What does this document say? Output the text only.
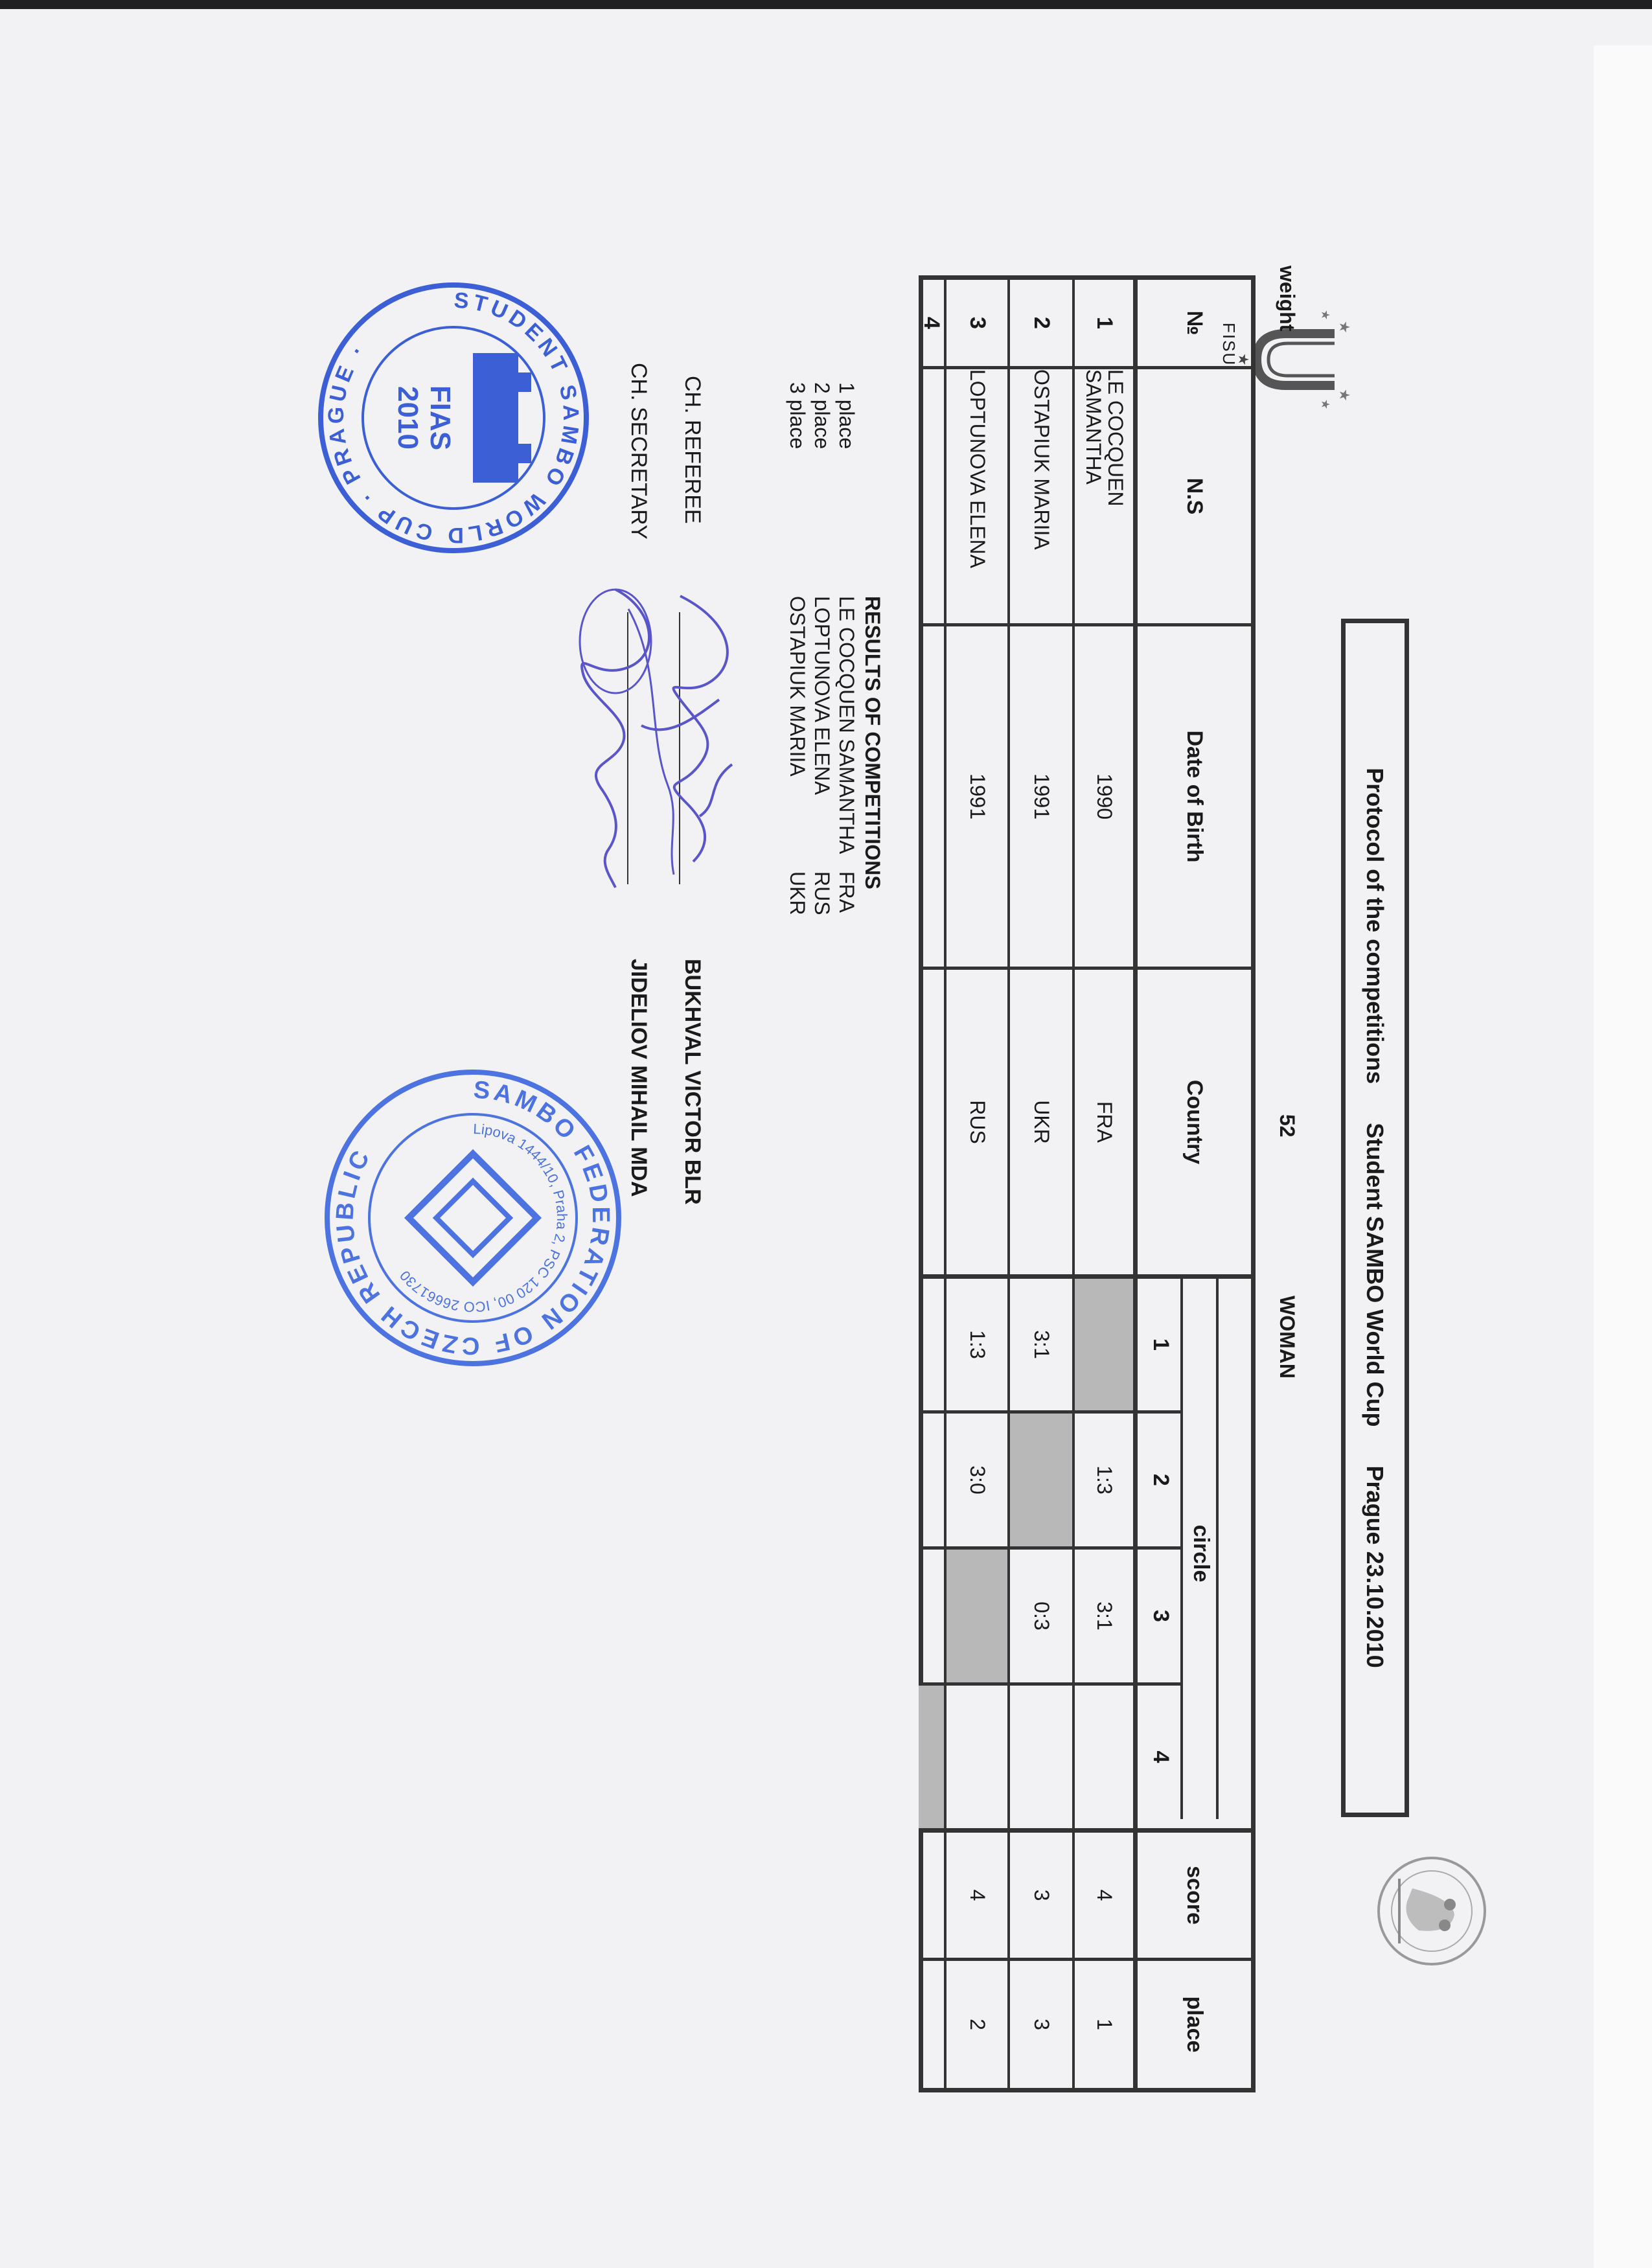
★
★
★
★
★
FISU
Protocol of the competitions
Student SAMBO World Cup
Prague 23.10.2010
weight
52
WOMAN
№
N.S
Date of Birth
Country
circle
1
2
3
4
score
place
1
LE COCQUEN SAMANTHA
1990
FRA
1:3
3:1
4
1
2
OSTAPIUK MARIIA
1991
UKR
3:1
0:3
3
3
3
LOPTUNOVA ELENA
1991
RUS
1:3
3:0
4
2
4
RESULTS OF COMPETITIONS
1 place
2 place
3 place
LE COCQUEN SAMANTHA
FRA
LOPTUNOVA ELENA
RUS
OSTAPIUK MARIIA
UKR
CH. REFEREE
BUKHVAL VICTOR BLR
CH. SECRETARY
JIDELIOV MIHAIL MDA
STUDENT SAMBO WORLD CUP · PRAGUE ·
FIAS
2010
SAMBO FEDERATION OF CZECH REPUBLIC
Lipova 1444/10, Praha 2, PSC 120 00, ICO 26661730
